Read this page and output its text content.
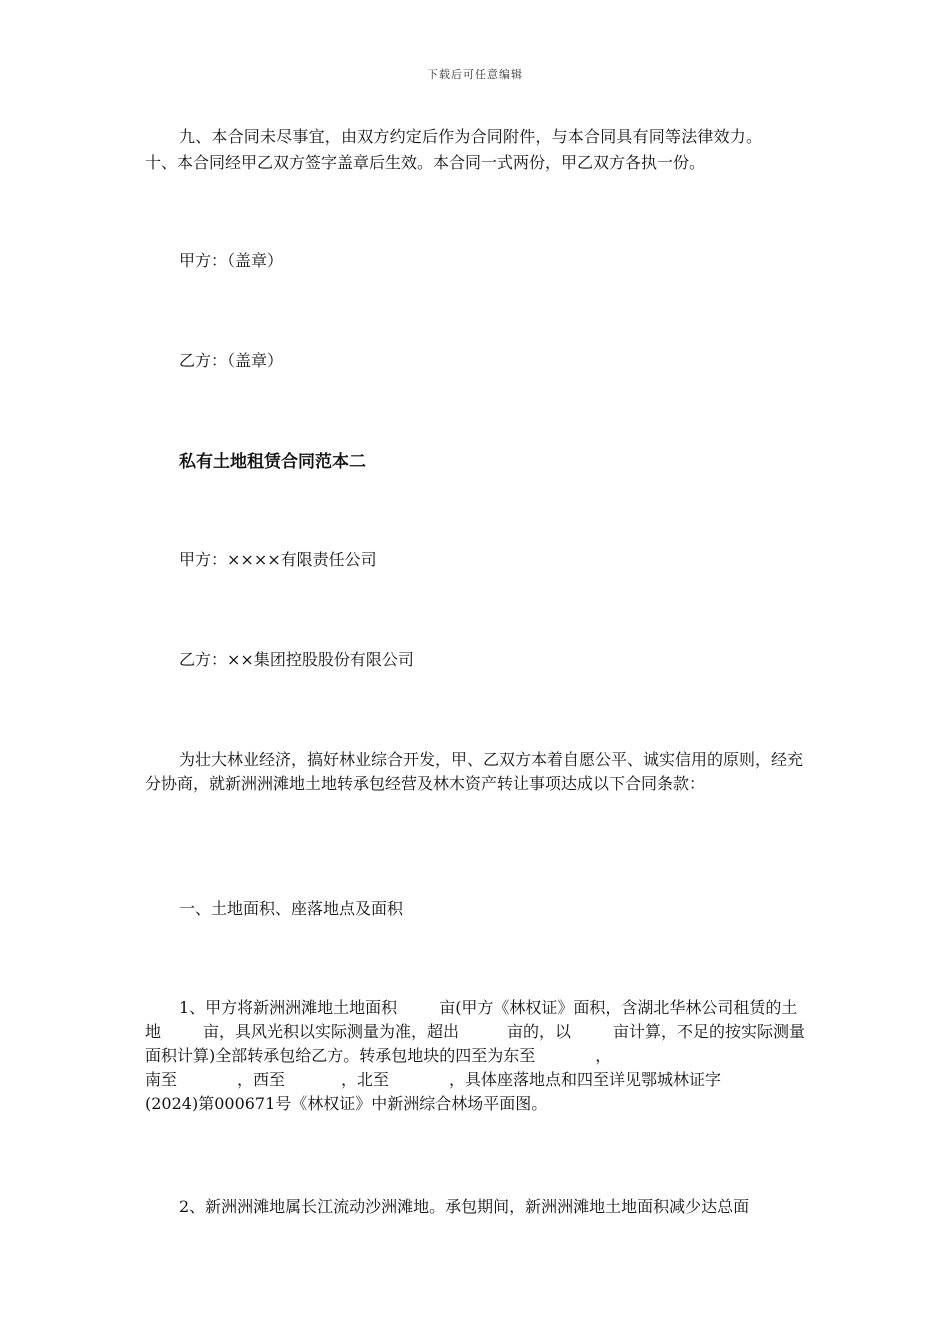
下载后可任意编辑

九、本合同未尽事宜，由双方约定后作为合同附件，与本合同具有同等法律效力。

十、本合同经甲乙双方签字盖章后生效。本合同一式两份，甲乙双方各执一份。

甲方：（盖章）

乙方：（盖章）

私有土地租赁合同范本二

甲方：××××有限责任公司

乙方：××集团控股股份有限公司

为壮大林业经济，搞好林业综合开发，甲、乙双方本着自愿公平、诚实信用的原则，经充分协商，就新洲洲滩地土地转承包经营及林木资产转让事项达成以下合同条款：

一、土地面积、座落地点及面积

1、甲方将新洲洲滩地土地面积	亩(甲方《林权证》面积，含湖北华林公司租赁的土地	亩，具风光积以实际测量为准，超出	亩的，以	亩计算，不足的按实际测量面积计算)全部转承包给乙方。转承包地块的四至为东至	，
南至	，西至	，北至	，具体座落地点和四至详见鄂城林证字
(2024)第000671号《林权证》中新洲综合林场平面图。

2、新洲洲滩地属长江流动沙洲滩地。承包期间，新洲洲滩地土地面积减少达总面
